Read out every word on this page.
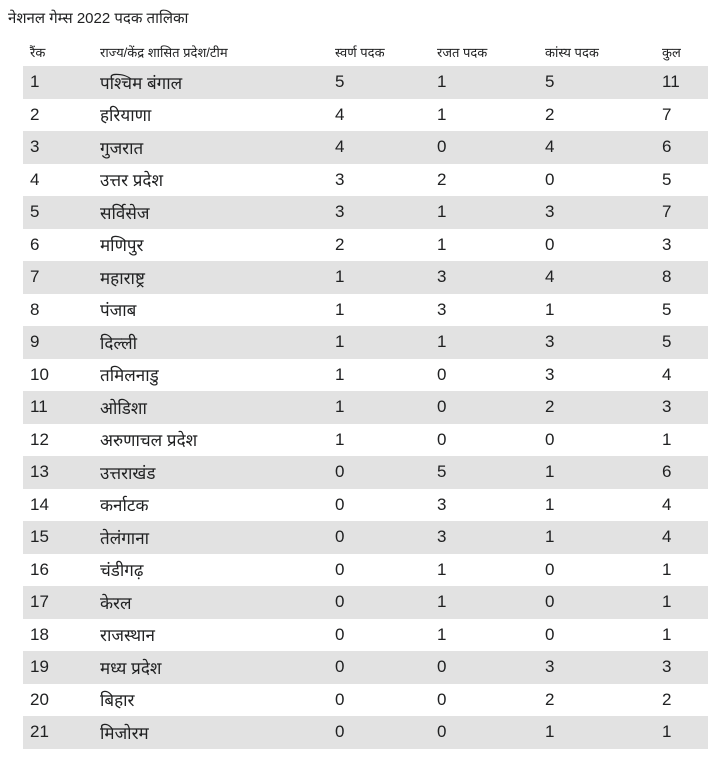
नेशनल गेम्स 2022 पदक तालिका
रैंक	राज्य/केंद्र शासित प्रदेश/टीम	स्वर्ण पदक	रजत पदक	कांस्य पदक	कुल
1	पश्चिम बंगाल	5	1	5	11
2	हरियाणा	4	1	2	7
3	गुजरात	4	0	4	6
4	उत्तर प्रदेश	3	2	0	5
5	सर्विसेज	3	1	3	7
6	मणिपुर	2	1	0	3
7	महाराष्ट्र	1	3	4	8
8	पंजाब	1	3	1	5
9	दिल्ली	1	1	3	5
10	तमिलनाडु	1	0	3	4
11	ओडिशा	1	0	2	3
12	अरुणाचल प्रदेश	1	0	0	1
13	उत्तराखंड	0	5	1	6
14	कर्नाटक	0	3	1	4
15	तेलंगाना	0	3	1	4
16	चंडीगढ़	0	1	0	1
17	केरल	0	1	0	1
18	राजस्थान	0	1	0	1
19	मध्य प्रदेश	0	0	3	3
20	बिहार	0	0	2	2
21	मिजोरम	0	0	1	1
